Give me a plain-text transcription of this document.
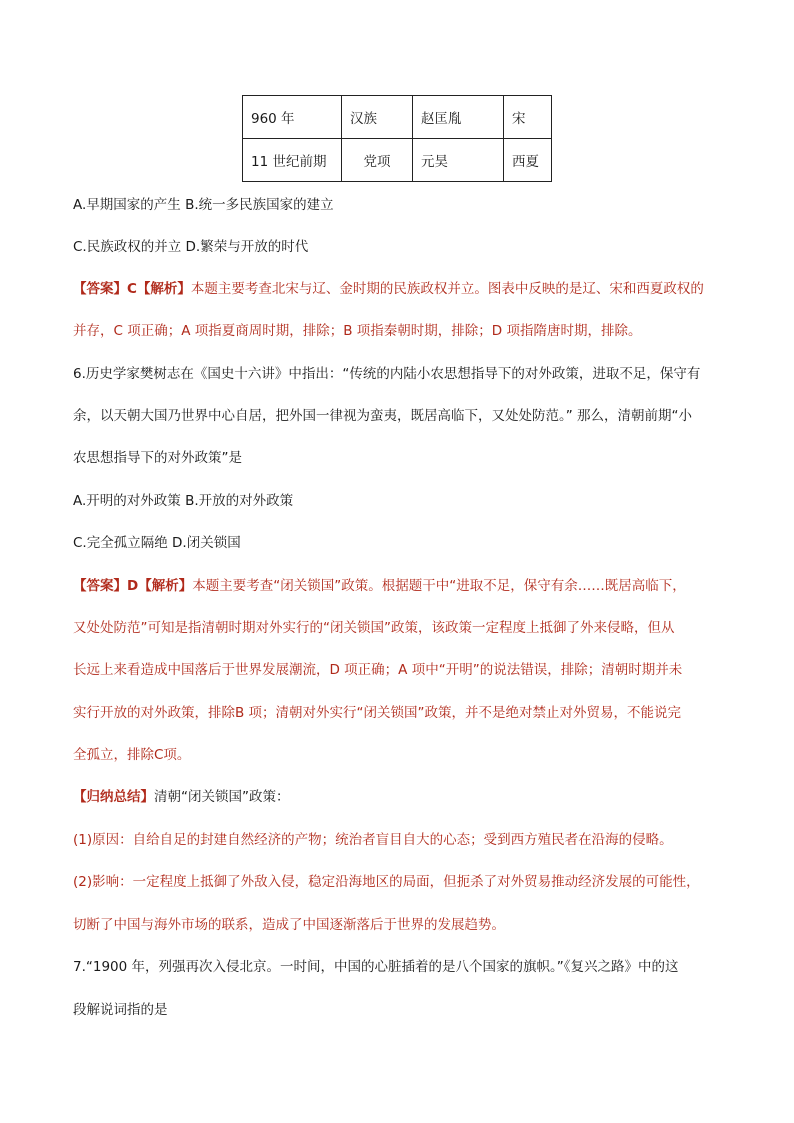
960 年	汉族	赵匡胤	宋
11 世纪前期	党项	元昊	西夏
A.早期国家的产生 B.统一多民族国家的建立
C.民族政权的并立 D.繁荣与开放的时代
【答案】C【解析】本题主要考查北宋与辽、金时期的民族政权并立。图表中反映的是辽、宋和西夏政权的
并存，C 项正确；A 项指夏商周时期，排除；B 项指秦朝时期，排除；D 项指隋唐时期，排除。
6.历史学家樊树志在《国史十六讲》中指出：“传统的内陆小农思想指导下的对外政策，进取不足，保守有
余，以天朝大国乃世界中心自居，把外国一律视为蛮夷，既居高临下，又处处防范。” 那么，清朝前期“小
农思想指导下的对外政策”是
A.开明的对外政策 B.开放的对外政策
C.完全孤立隔绝 D.闭关锁国
【答案】D【解析】本题主要考查“闭关锁国”政策。根据题干中“进取不足，保守有余……既居高临下，
又处处防范”可知是指清朝时期对外实行的“闭关锁国”政策，该政策一定程度上抵御了外来侵略，但从
长远上来看造成中国落后于世界发展潮流，D 项正确；A 项中“开明”的说法错误，排除；清朝时期并未
实行开放的对外政策，排除B 项；清朝对外实行“闭关锁国”政策，并不是绝对禁止对外贸易，不能说完
全孤立，排除C项。
【归纳总结】清朝“闭关锁国”政策：
(1)原因：自给自足的封建自然经济的产物；统治者盲目自大的心态；受到西方殖民者在沿海的侵略。
(2)影响：一定程度上抵御了外敌入侵，稳定沿海地区的局面，但扼杀了对外贸易推动经济发展的可能性，
切断了中国与海外市场的联系，造成了中国逐渐落后于世界的发展趋势。
7.“1900 年，列强再次入侵北京。一时间，中国的心脏插着的是八个国家的旗帜。”《复兴之路》中的这
段解说词指的是
